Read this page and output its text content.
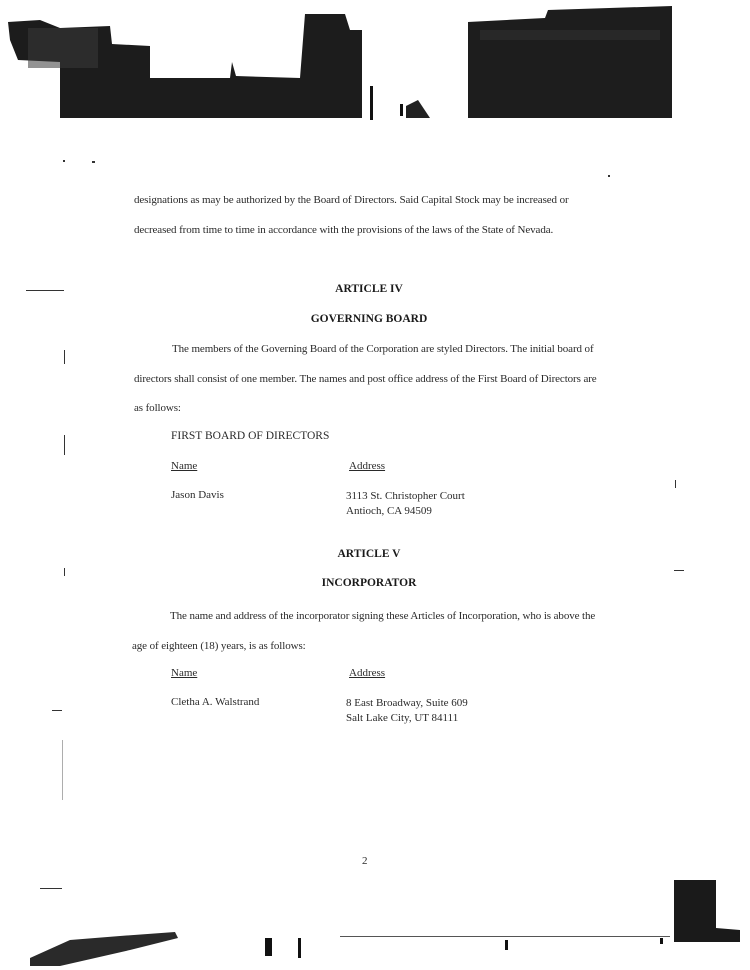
designations as may be authorized by the Board of Directors. Said Capital Stock may be increased or decreased from time to time in accordance with the provisions of the laws of the State of Nevada.
ARTICLE IV
GOVERNING BOARD
The members of the Governing Board of the Corporation are styled Directors. The initial board of directors shall consist of one member. The names and post office address of the First Board of Directors are as follows:
FIRST BOARD OF DIRECTORS
Name	Address
Jason Davis	3113 St. Christopher Court
Antioch, CA 94509
ARTICLE V
INCORPORATOR
The name and address of the incorporator signing these Articles of Incorporation, who is above the age of eighteen (18) years, is as follows:
Name	Address
Cletha A. Walstrand	8 East Broadway, Suite 609
Salt Lake City, UT 84111
2
